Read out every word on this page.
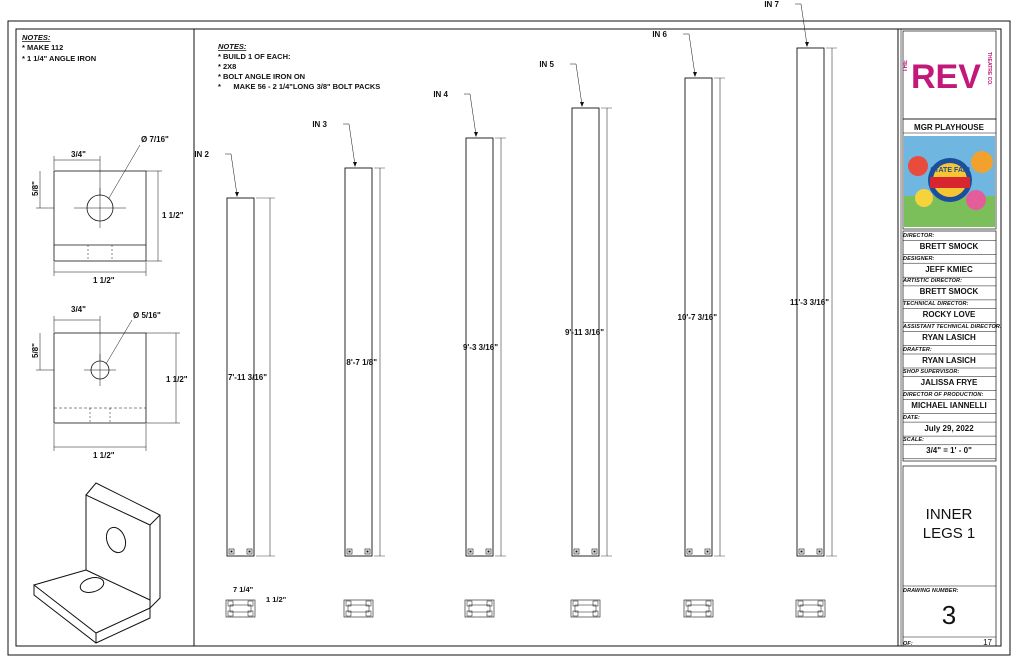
NOTES:
* MAKE 112
* 1 1/4" ANGLE IRON
3/4"
5/8"
Ø 7/16"
1 1/2"
1 1/2"
3/4"
5/8"
Ø 5/16"
1 1/2"
1 1/2"
NOTES:
* BUILD 1 OF EACH:
* 2X8
* BOLT ANGLE IRON ON
*      MAKE 56 - 2 1/4"LONG 3/8" BOLT PACKS
7'-11 3/16"
IN 2
8'-7 1/8"
IN 3
9'-3 3/16"
IN 4
9'-11 3/16"
IN 5
10'-7 3/16"
IN 6
11'-3 3/16"
IN 7
7 1/4"
1 1/2"
THE REV THEATRE CO.
MGR PLAYHOUSE
STATE FAIR
DIRECTOR:
BRETT SMOCK
DESIGNER:
JEFF KMIEC
ARTISTIC DIRECTOR:
BRETT SMOCK
TECHNICAL DIRECTOR:
ROCKY LOVE
ASSISTANT TECHNICAL DIRECTOR:
RYAN LASICH
DRAFTER:
RYAN LASICH
SHOP SUPERVISOR:
JALISSA FRYE
DIRECTOR OF PRODUCTION:
MICHAEL IANNELLI
DATE:
July 29, 2022
SCALE:
3/4" = 1' - 0"
INNER
LEGS 1
DRAWING NUMBER:
3
OF:	17
